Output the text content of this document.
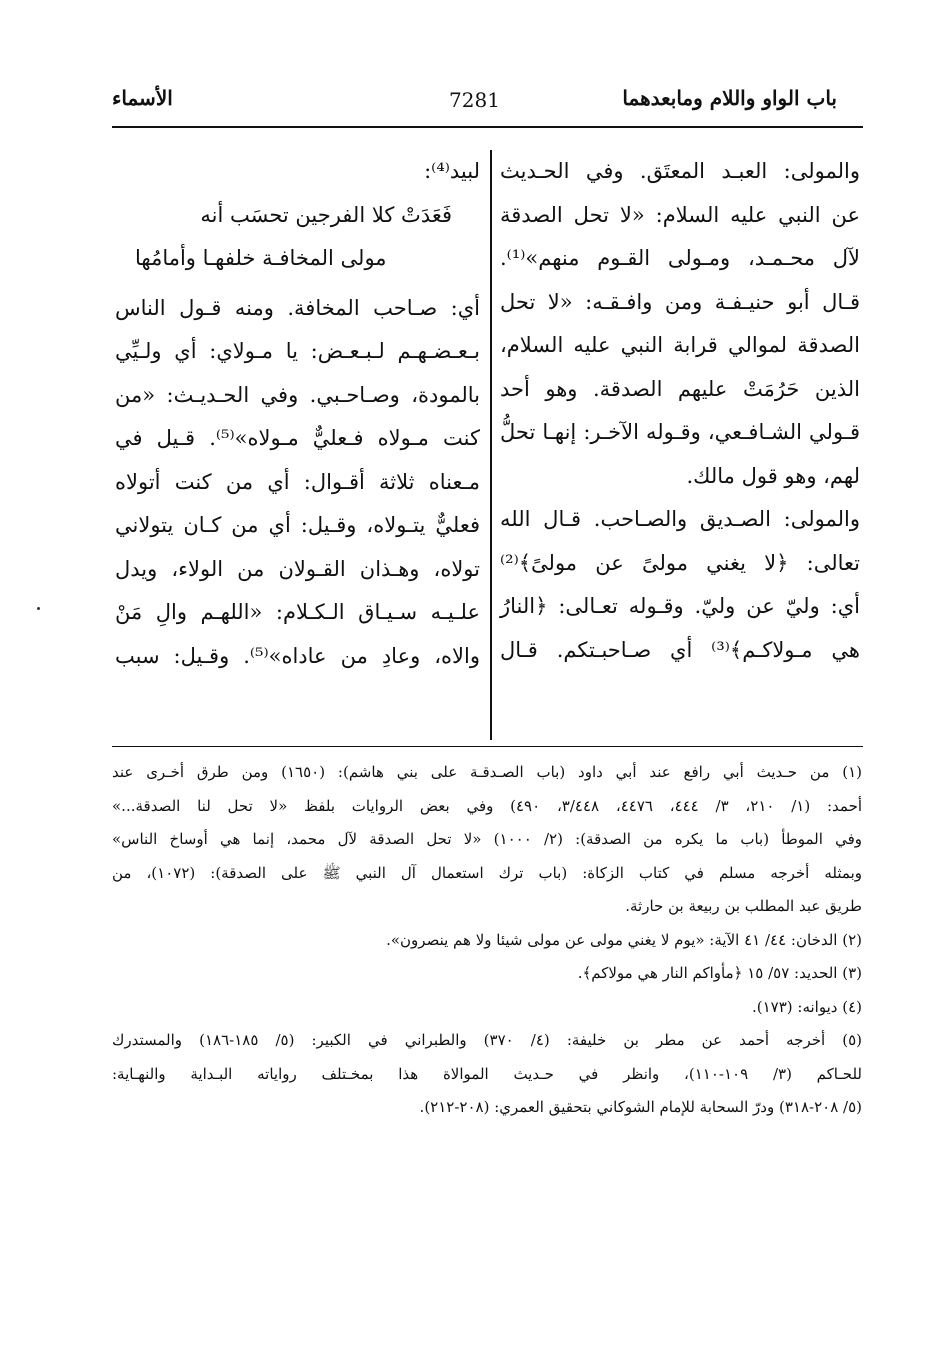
باب الواو واللام ومابعدهما
7281
الأسماء
والمولى: العبـد المعتَق. وفي الحـديث
عن النبي عليه السلام: «لا تحل الصدقة
لآل محـمـد، ومـولى القـوم منهم»⁽¹⁾.
قـال أبو حنيـفـة ومن وافـقـه: «لا تحل
الصدقة لموالي قرابة النبي عليه السلام،
الذين حَرُمَتْ عليهم الصدقة. وهو أحد
قـولي الشـافـعي، وقـوله الآخـر: إنهـا تحلُّ
لهم، وهو قول مالك.
والمولى: الصـديق والصـاحب. قـال الله
تعالى: ﴿لا يغني مولىً عن مولىً﴾⁽²⁾
أي: وليّ عن وليّ. وقـوله تعـالى: ﴿النارُ
هي مـولاكـم﴾⁽³⁾ أي صـاحبـتكم. قـال
لبيد⁽⁴⁾:
فَعَدَتْ كلا الفرجين تحسَب أنه
مولى المخافـة خلفهـا وأمامُها
أي: صـاحب المخافة. ومنه قـول الناس
بـعـضـهـم لـبـعـض: يا مـولاي: أي ولـيِّي
بالمودة، وصـاحـبي. وفي الحـديـث: «من
كنت مـولاه فـعليٌّ مـولاه»⁽⁵⁾. قـيل في
مـعناه ثلاثة أقـوال: أي من كنت أتولاه
فعليٌّ يتـولاه، وقـيل: أي من كـان يتولاني
تولاه، وهـذان القـولان من الولاء، ويدل
علـيـه سـيـاق الـكـلام: «اللهـم والِ مَنْ
والاه، وعادِ من عاداه»⁽⁵⁾. وقـيل: سبب
(١) من حـديث أبي رافع عند أبي داود (باب الصـدقـة على بني هاشم): (١٦٥٠) ومن طرق أخـرى عند
أحمد: (١/ ٢١٠، ٣/ ٤٤٤، ٤٤٧٦، ٣/٤٤٨، ٤٩٠) وفي بعض الروايات بلفظ «لا تحل لنا الصدقة...»
وفي الموطأ (باب ما يكره من الصدقة): (٢/ ١٠٠٠) «لا تحل الصدقة لآل محمد، إنما هي أوساخ الناس»
وبمثله أخرجه مسلم في كتاب الزكاة: (باب ترك استعمال آل النبي ﷺ على الصدقة): (١٠٧٢)، من
طريق عبد المطلب بن ربيعة بن حارثة.
(٢) الدخان: ٤٤/ ٤١ الآية: «يوم لا يغني مولى عن مولى شيئا ولا هم ينصرون».
(٣) الحديد: ٥٧/ ١٥ ﴿مأواكم النار هي مولاكم﴾.
(٤) ديوانه: (١٧٣).
(٥) أخرجه أحمد عن مطر بن خليفة: (٤/ ٣٧٠) والطبراني في الكبير: (٥/ ١٨٥-١٨٦) والمستدرك
للحـاكم (٣/ ١٠٩-١١٠)، وانظر في حـديث الموالاة هذا بمخـتلف رواياته البـداية والنهـاية:
(٥/ ٢٠٨-٣١٨) ودرّ السحابة للإمام الشوكاني بتحقيق العمري: (٢٠٨-٢١٢).
